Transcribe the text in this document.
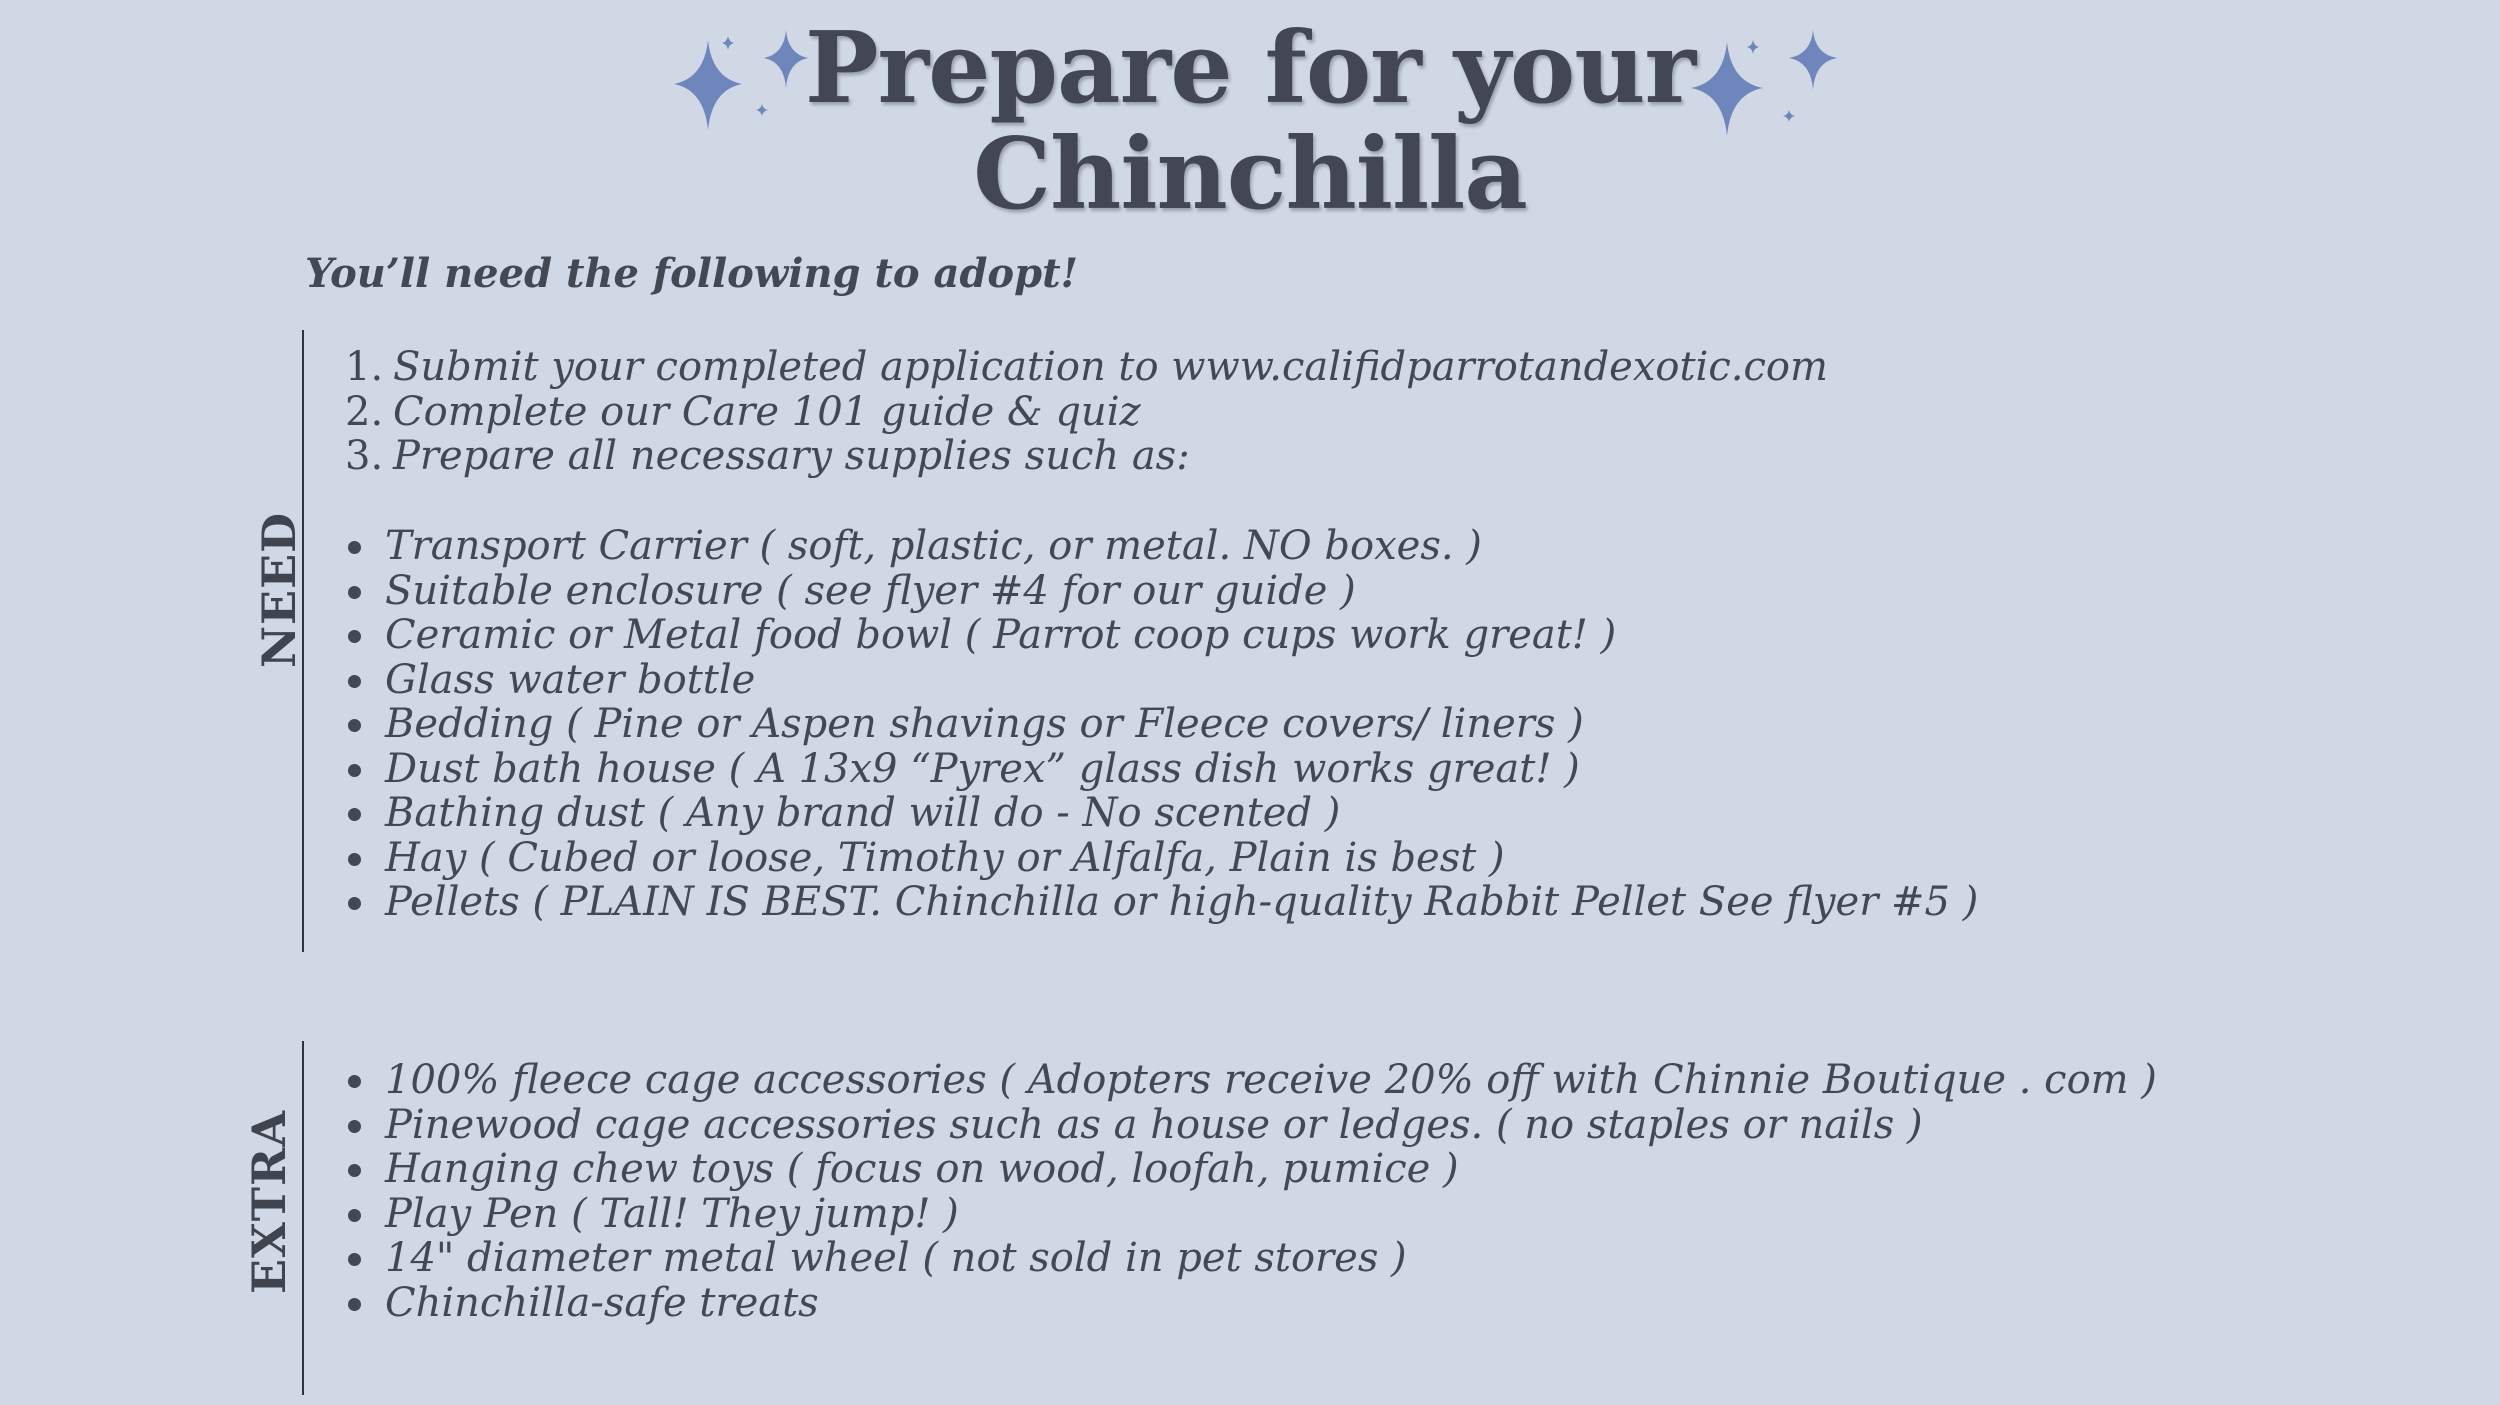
Prepare for your
Chinchilla

You’ll need the following to adopt!

NEED
1. Submit your completed application to www.califidparrotandexotic.com
2. Complete our Care 101 guide & quiz
3. Prepare all necessary supplies such as:
Transport Carrier ( soft, plastic, or metal. NO boxes. )
Suitable enclosure ( see flyer #4 for our guide )
Ceramic or Metal food bowl ( Parrot coop cups work great! )
Glass water bottle
Bedding ( Pine or Aspen shavings or Fleece covers/ liners )
Dust bath house ( A 13x9 “Pyrex” glass dish works great! )
Bathing dust ( Any brand will do - No scented )
Hay ( Cubed or loose, Timothy or Alfalfa, Plain is best )
Pellets ( PLAIN IS BEST. Chinchilla or high-quality Rabbit Pellet See flyer #5 )
EXTRA
100% fleece cage accessories ( Adopters receive 20% off with Chinnie Boutique . com )
Pinewood cage accessories such as a house or ledges. ( no staples or nails )
Hanging chew toys ( focus on wood, loofah, pumice )
Play Pen ( Tall! They jump! )
14" diameter metal wheel ( not sold in pet stores )
Chinchilla-safe treats
